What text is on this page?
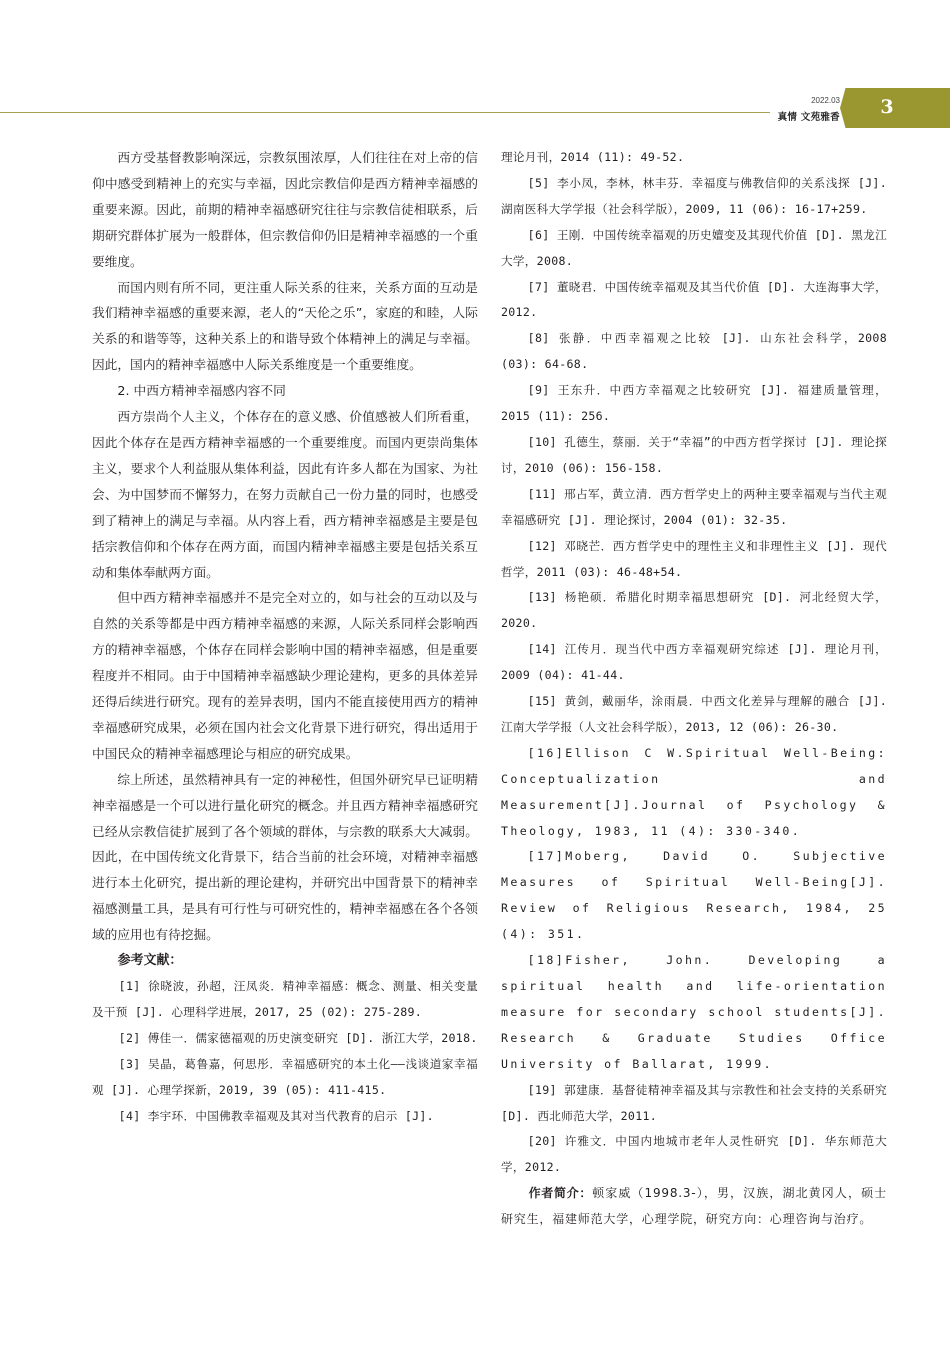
2022.03
真情 文苑雅香	3

西方受基督教影响深远，宗教氛围浓厚，人们往往在对上帝的信仰中感受到精神上的充实与幸福，因此宗教信仰是西方精神幸福感的重要来源。因此，前期的精神幸福感研究往往与宗教信徒相联系，后期研究群体扩展为一般群体，但宗教信仰仍旧是精神幸福感的一个重要维度。

而国内则有所不同，更注重人际关系的往来，关系方面的互动是我们精神幸福感的重要来源，老人的“天伦之乐”，家庭的和睦，人际关系的和谐等等，这种关系上的和谐导致个体精神上的满足与幸福。因此，国内的精神幸福感中人际关系维度是一个重要维度。

2. 中西方精神幸福感内容不同

西方崇尚个人主义，个体存在的意义感、价值感被人们所看重，因此个体存在是西方精神幸福感的一个重要维度。而国内更崇尚集体主义，要求个人利益服从集体利益，因此有许多人都在为国家、为社会、为中国梦而不懈努力，在努力贡献自己一份力量的同时，也感受到了精神上的满足与幸福。从内容上看，西方精神幸福感是主要是包括宗教信仰和个体存在两方面，而国内精神幸福感主要是包括关系互动和集体奉献两方面。

但中西方精神幸福感并不是完全对立的，如与社会的互动以及与自然的关系等都是中西方精神幸福感的来源，人际关系同样会影响西方的精神幸福感，个体存在同样会影响中国的精神幸福感，但是重要程度并不相同。由于中国精神幸福感缺少理论建构，更多的具体差异还得后续进行研究。现有的差异表明，国内不能直接使用西方的精神幸福感研究成果，必须在国内社会文化背景下进行研究，得出适用于中国民众的精神幸福感理论与相应的研究成果。

综上所述，虽然精神具有一定的神秘性，但国外研究早已证明精神幸福感是一个可以进行量化研究的概念。并且西方精神幸福感研究已经从宗教信徒扩展到了各个领域的群体，与宗教的联系大大减弱。因此，在中国传统文化背景下，结合当前的社会环境，对精神幸福感进行本土化研究，提出新的理论建构，并研究出中国背景下的精神幸福感测量工具，是具有可行性与可研究性的，精神幸福感在各个各领域的应用也有待挖掘。

参考文献：

[1] 徐晓波，孙超，汪凤炎．精神幸福感：概念、测量、相关变量及干预 [J]. 心理科学进展，2017, 25 (02): 275-289.

[2] 傅佳一．儒家德福观的历史演变研究 [D]. 浙江大学，2018.

[3] 吴晶，葛鲁嘉，何思彤．幸福感研究的本土化——浅谈道家幸福观 [J]. 心理学探新，2019, 39 (05): 411-415.

[4] 李宇环．中国佛教幸福观及其对当代教育的启示 [J].

理论月刊，2014 (11): 49-52.

[5] 李小凤，李林，林丰芬．幸福度与佛教信仰的关系浅探 [J]. 湖南医科大学学报（社会科学版），2009, 11 (06): 16-17+259.

[6] 王刚．中国传统幸福观的历史嬗变及其现代价值 [D]. 黑龙江大学，2008.

[7] 董晓君．中国传统幸福观及其当代价值 [D]. 大连海事大学，2012.

[8] 张静．中西幸福观之比较 [J]. 山东社会科学，2008 (03): 64-68.

[9] 王东升．中西方幸福观之比较研究 [J]. 福建质量管理，2015 (11): 256.

[10] 孔德生，蔡丽．关于“幸福”的中西方哲学探讨 [J]. 理论探讨，2010 (06): 156-158.

[11] 邢占军，黄立清．西方哲学史上的两种主要幸福观与当代主观幸福感研究 [J]. 理论探讨，2004 (01): 32-35.

[12] 邓晓芒．西方哲学史中的理性主义和非理性主义 [J]. 现代哲学，2011 (03): 46-48+54.

[13] 杨艳硕．希腊化时期幸福思想研究 [D]. 河北经贸大学，2020.

[14] 江传月．现当代中西方幸福观研究综述 [J]. 理论月刊，2009 (04): 41-44.

[15] 黄剑，戴丽华，涂雨晨．中西文化差异与理解的融合 [J]. 江南大学学报（人文社会科学版），2013, 12 (06): 26-30.

[16]Ellison C W.Spiritual Well-Being: Conceptualization and Measurement[J].Journal of Psychology & Theology, 1983, 11 (4): 330-340.

[17]Moberg, David O. Subjective Measures of Spiritual Well-Being[J]. Review of Religious Research, 1984, 25 (4): 351.

[18]Fisher, John. Developing a spiritual health and life-orientation measure for secondary school students[J]. Research & Graduate Studies Office University of Ballarat, 1999.

[19] 郭建康．基督徒精神幸福及其与宗教性和社会支持的关系研究 [D]. 西北师范大学，2011.

[20] 许雅文．中国内地城市老年人灵性研究 [D]. 华东师范大学，2012.

作者简介：顿家威（1998.3-），男，汉族，湖北黄冈人，硕士研究生，福建师范大学，心理学院，研究方向：心理咨询与治疗。
